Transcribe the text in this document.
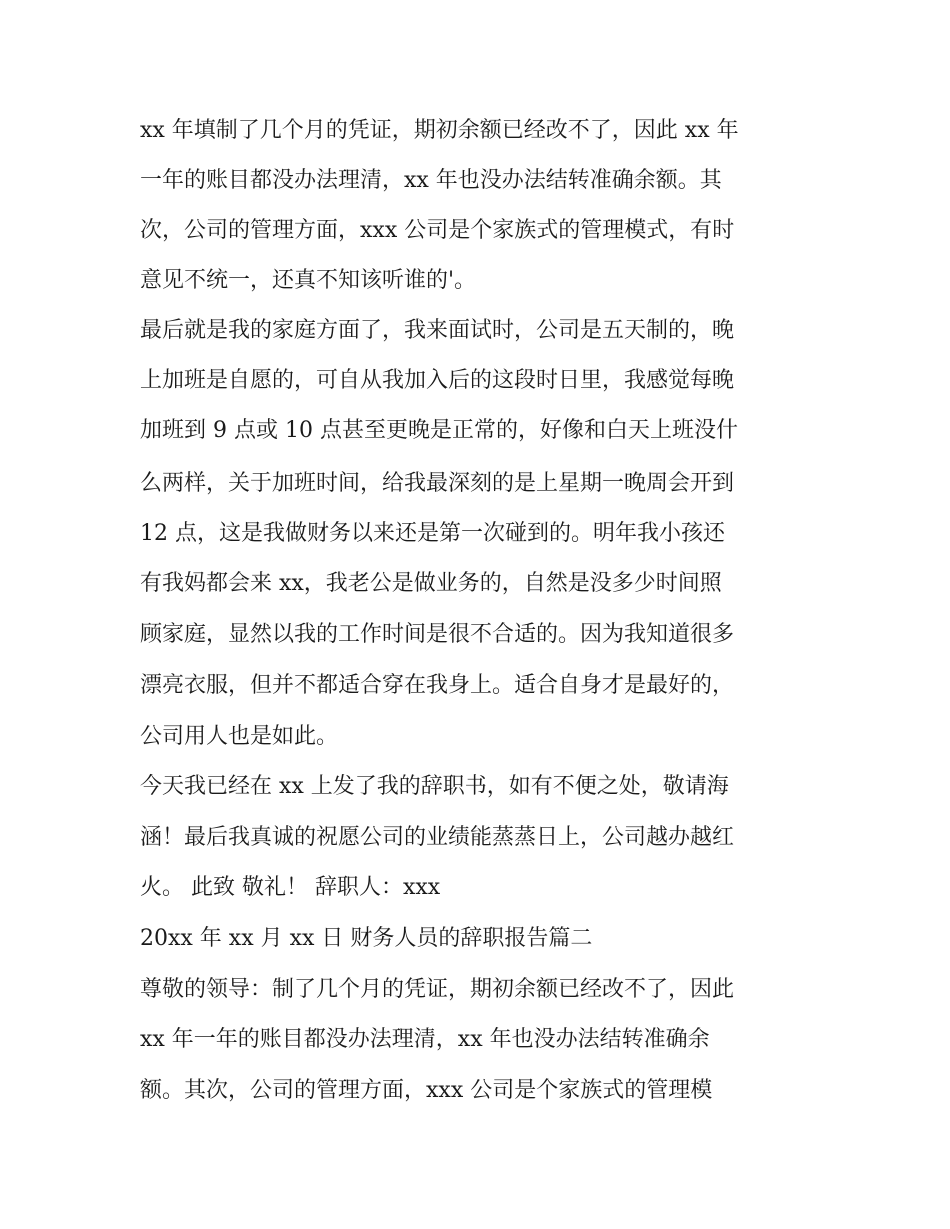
xx 年填制了几个月的凭证，期初余额已经改不了，因此 xx 年
一年的账目都没办法理清，xx 年也没办法结转准确余额。其
次，公司的管理方面，xxx 公司是个家族式的管理模式，有时
意见不统一，还真不知该听谁的'。
最后就是我的家庭方面了，我来面试时，公司是五天制的，晚
上加班是自愿的，可自从我加入后的这段时日里，我感觉每晚
加班到 9 点或 10 点甚至更晚是正常的，好像和白天上班没什
么两样，关于加班时间，给我最深刻的是上星期一晚周会开到
12 点，这是我做财务以来还是第一次碰到的。明年我小孩还
有我妈都会来 xx，我老公是做业务的，自然是没多少时间照
顾家庭，显然以我的工作时间是很不合适的。因为我知道很多
漂亮衣服，但并不都适合穿在我身上。适合自身才是最好的，
公司用人也是如此。
今天我已经在 xx 上发了我的辞职书，如有不便之处，敬请海
涵！最后我真诚的祝愿公司的业绩能蒸蒸日上，公司越办越红
火。 此致 敬礼！ 辞职人：xxx
20xx 年 xx 月 xx 日 财务人员的辞职报告篇二
尊敬的领导：制了几个月的凭证，期初余额已经改不了，因此
xx 年一年的账目都没办法理清，xx 年也没办法结转准确余
额。其次，公司的管理方面，xxx 公司是个家族式的管理模
